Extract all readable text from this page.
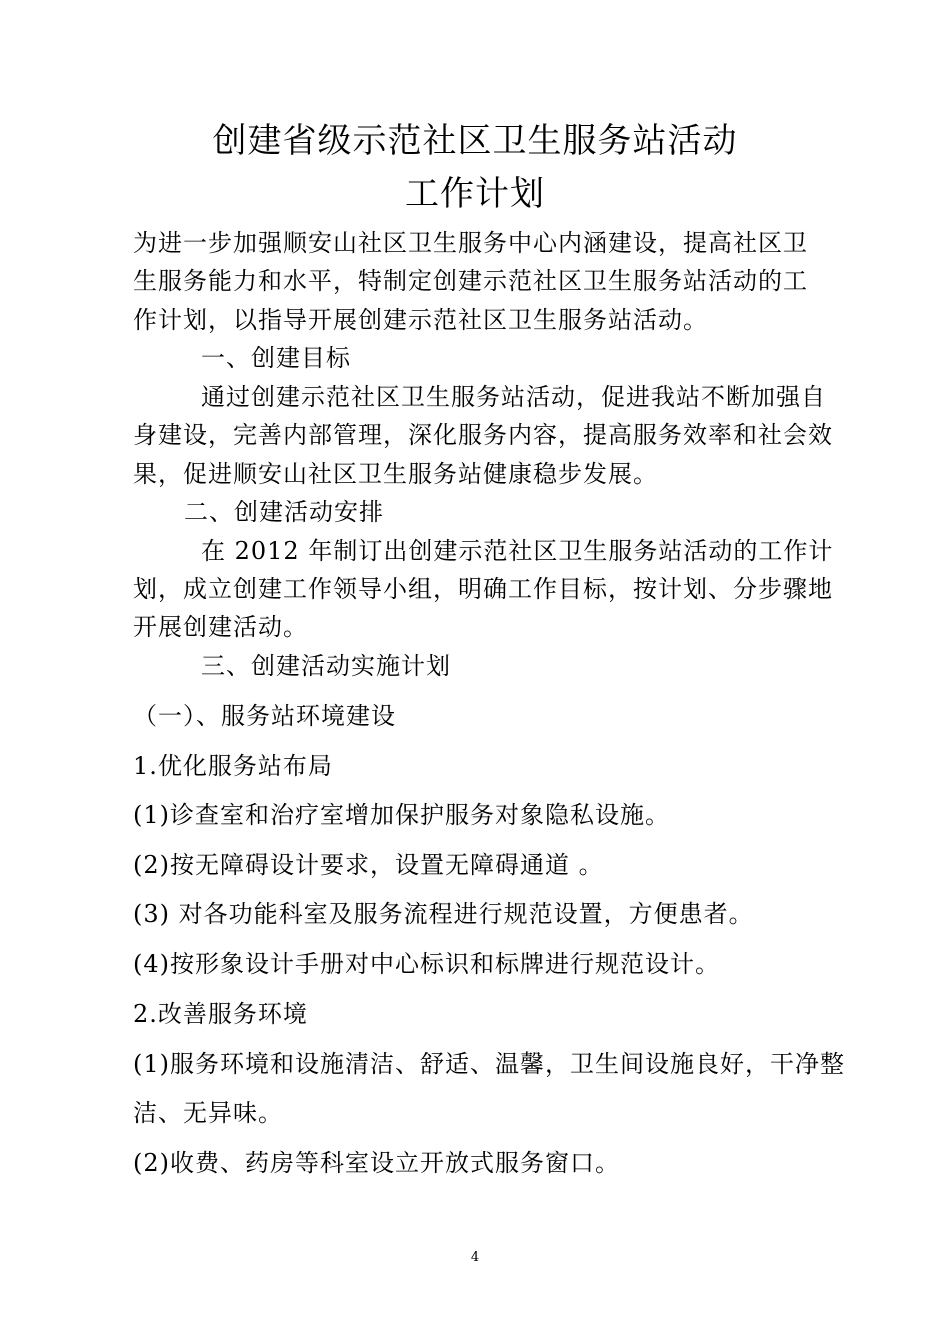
创建省级示范社区卫生服务站活动
工作计划
为进一步加强顺安山社区卫生服务中心内涵建设，提高社区卫
生服务能力和水平，特制定创建示范社区卫生服务站活动的工
作计划，以指导开展创建示范社区卫生服务站活动。
一、创建目标
通过创建示范社区卫生服务站活动，促进我站不断加强自
身建设，完善内部管理，深化服务内容，提高服务效率和社会效
果，促进顺安山社区卫生服务站健康稳步发展。
二、创建活动安排
在 2012 年制订出创建示范社区卫生服务站活动的工作计
划，成立创建工作领导小组，明确工作目标，按计划、分步骤地
开展创建活动。
三、创建活动实施计划
（一）、服务站环境建设
1.优化服务站布局
(1)诊查室和治疗室增加保护服务对象隐私设施。
(2)按无障碍设计要求，设置无障碍通道 。
(3) 对各功能科室及服务流程进行规范设置，方便患者。
(4)按形象设计手册对中心标识和标牌进行规范设计。
2.改善服务环境
(1)服务环境和设施清洁、舒适、温馨，卫生间设施良好，干净整
洁、无异味。
(2)收费、药房等科室设立开放式服务窗口。
4
